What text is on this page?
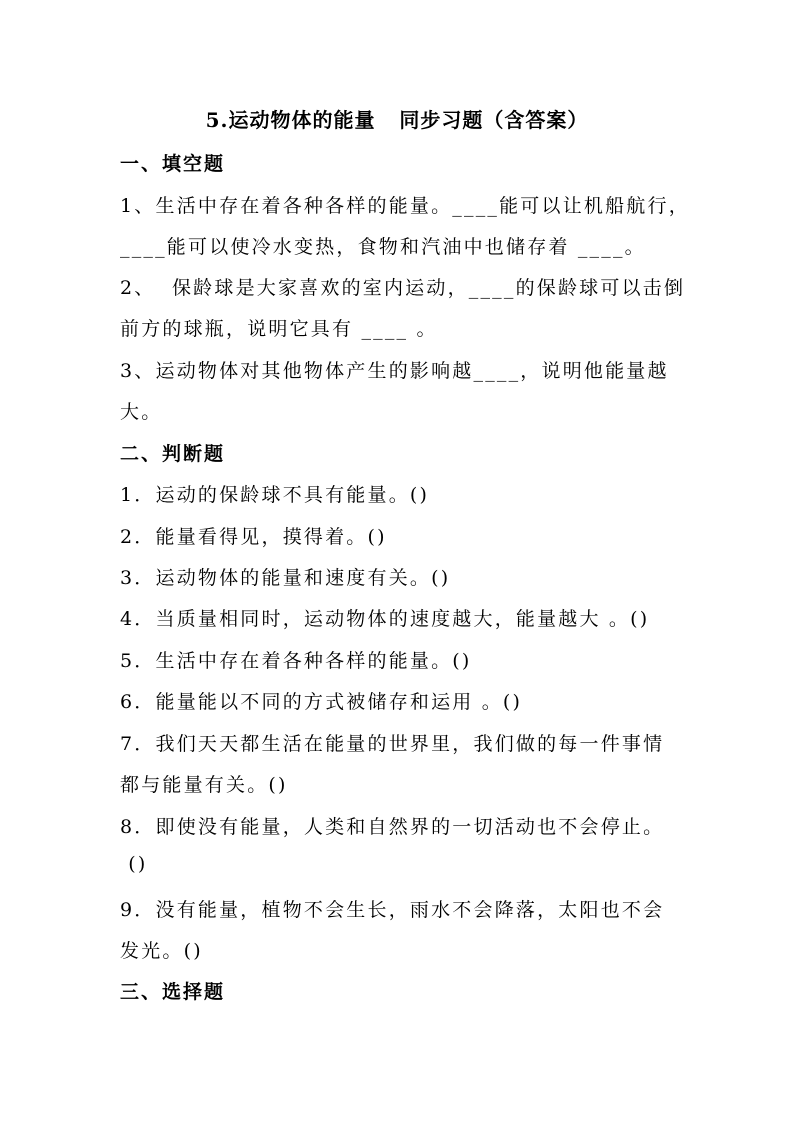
5.运动物体的能量   同步习题（含答案）
一、填空题
1、生活中存在着各种各样的能量。____能可以让机船航行，
____能可以使冷水变热，食物和汽油中也储存着 ____。
2、  保龄球是大家喜欢的室内运动，____的保龄球可以击倒
前方的球瓶，说明它具有 ____ 。
3、运动物体对其他物体产生的影响越____，说明他能量越
大。
二、判断题
1．运动的保龄球不具有能量。()
2．能量看得见，摸得着。()
3．运动物体的能量和速度有关。()
4．当质量相同时，运动物体的速度越大，能量越大 。()
5．生活中存在着各种各样的能量。()
6．能量能以不同的方式被储存和运用 。()
7．我们天天都生活在能量的世界里，我们做的每一件事情
都与能量有关。()
8．即使没有能量，人类和自然界的一切活动也不会停止。
()
9．没有能量，植物不会生长，雨水不会降落，太阳也不会
发光。()
三、选择题
